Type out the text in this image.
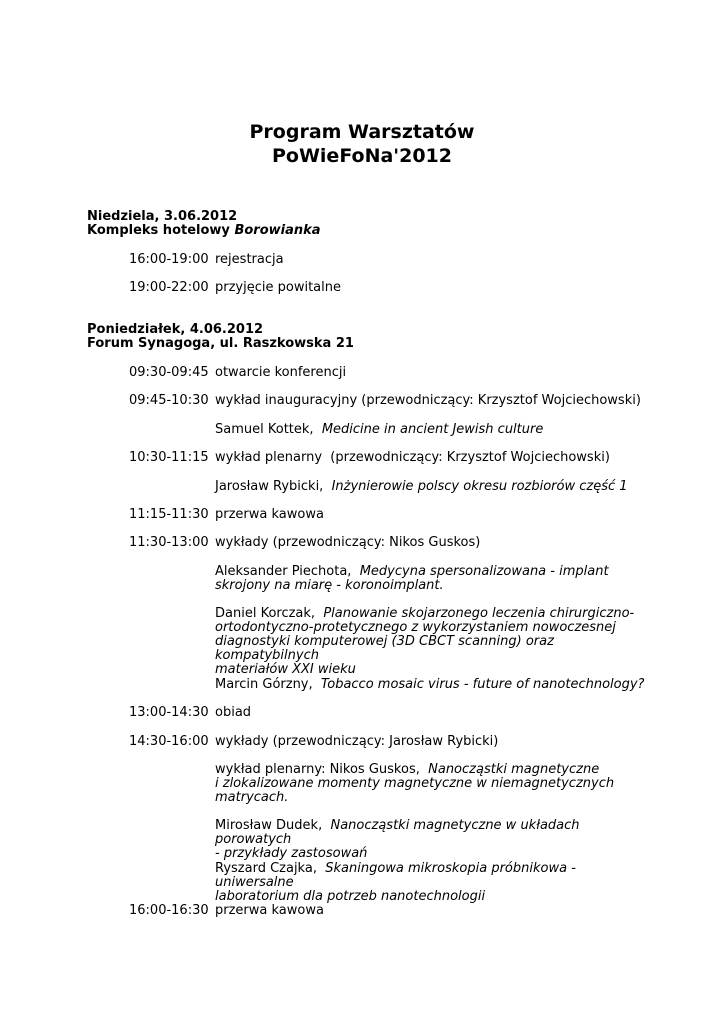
Program Warsztatów
PoWieFoNa'2012
Niedziela, 3.06.2012
Kompleks hotelowy Borowianka
16:00-19:00 rejestracja
19:00-22:00 przyjęcie powitalne
Poniedziałek, 4.06.2012
Forum Synagoga, ul. Raszkowska 21
09:30-09:45 otwarcie konferencji
09:45-10:30 wykład inauguracyjny (przewodniczący: Krzysztof Wojciechowski)
Samuel Kottek, Medicine in ancient Jewish culture
10:30-11:15 wykład plenarny  (przewodniczący: Krzysztof Wojciechowski)
Jarosław Rybicki, Inżynierowie polscy okresu rozbiorów część 1
11:15-11:30 przerwa kawowa
11:30-13:00 wykłady (przewodniczący: Nikos Guskos)
Aleksander Piechota, Medycyna spersonalizowana - implant
skrojony na miarę - koronoimplant.
Daniel Korczak, Planowanie skojarzonego leczenia chirurgiczno-
ortodontyczno-protetycznego z wykorzystaniem nowoczesnej
diagnostyki komputerowej (3D CBCT scanning) oraz kompatybilnych
materiałów XXI wieku
Marcin Górzny, Tobacco mosaic virus - future of nanotechnology?
13:00-14:30 obiad
14:30-16:00 wykłady (przewodniczący: Jarosław Rybicki)
wykład plenarny: Nikos Guskos, Nanocząstki magnetyczne
i zlokalizowane momenty magnetyczne w niemagnetycznych
matrycach.
Mirosław Dudek, Nanocząstki magnetyczne w układach porowatych
- przykłady zastosowań
Ryszard Czajka, Skaningowa mikroskopia próbnikowa - uniwersalne
laboratorium dla potrzeb nanotechnologii
16:00-16:30 przerwa kawowa
